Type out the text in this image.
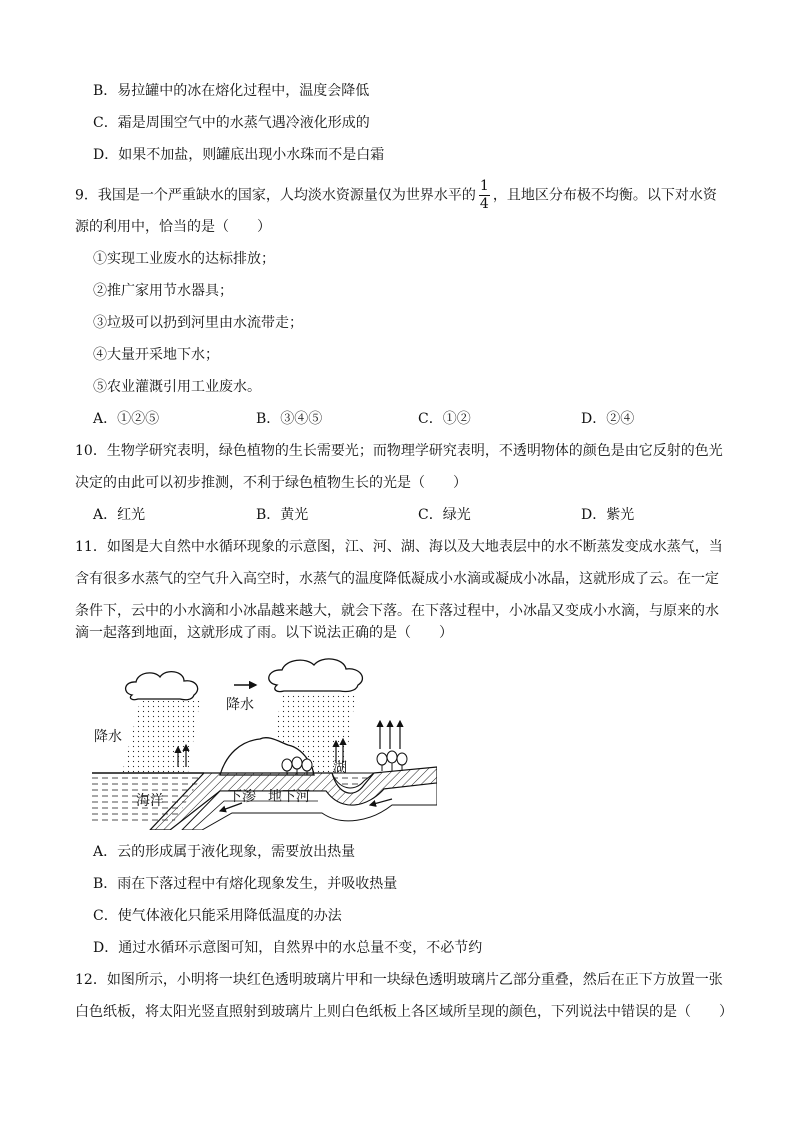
B．易拉罐中的冰在熔化过程中，温度会降低
C．霜是周围空气中的水蒸气遇冷液化形成的
D．如果不加盐，则罐底出现小水珠而不是白霜
9．我国是一个严重缺水的国家，人均淡水资源量仅为世界水平的 $\frac{1}{4}$ ，且地区分布极不均衡。以下对水资
源的利用中，恰当的是（　　）
①实现工业废水的达标排放；
②推广家用节水器具；
③垃圾可以扔到河里由水流带走；
④大量开采地下水；
⑤农业灌溉引用工业废水。
A．①②⑤	B．③④⑤	C．①②	D．②④
10．生物学研究表明，绿色植物的生长需要光；而物理学研究表明，不透明物体的颜色是由它反射的色光
决定的由此可以初步推测，不利于绿色植物生长的光是（　　）
A．红光	B．黄光	C．绿光	D．紫光
11．如图是大自然中水循环现象的示意图，江、河、湖、海以及大地表层中的水不断蒸发变成水蒸气，当
含有很多水蒸气的空气升入高空时，水蒸气的温度降低凝成小水滴或凝成小冰晶，这就形成了云。在一定
条件下，云中的小水滴和小冰晶越来越大，就会下落。在下落过程中，小冰晶又变成小水滴，与原来的水
滴一起落到地面，这就形成了雨。以下说法正确的是（　　）
降水
降水
湖
海洋	下渗 地下河
A．云的形成属于液化现象，需要放出热量
B．雨在下落过程中有熔化现象发生，并吸收热量
C．使气体液化只能采用降低温度的办法
D．通过水循环示意图可知，自然界中的水总量不变，不必节约
12．如图所示，小明将一块红色透明玻璃片甲和一块绿色透明玻璃片乙部分重叠，然后在正下方放置一张
白色纸板，将太阳光竖直照射到玻璃片上则白色纸板上各区域所呈现的颜色，下列说法中错误的是（　　）
